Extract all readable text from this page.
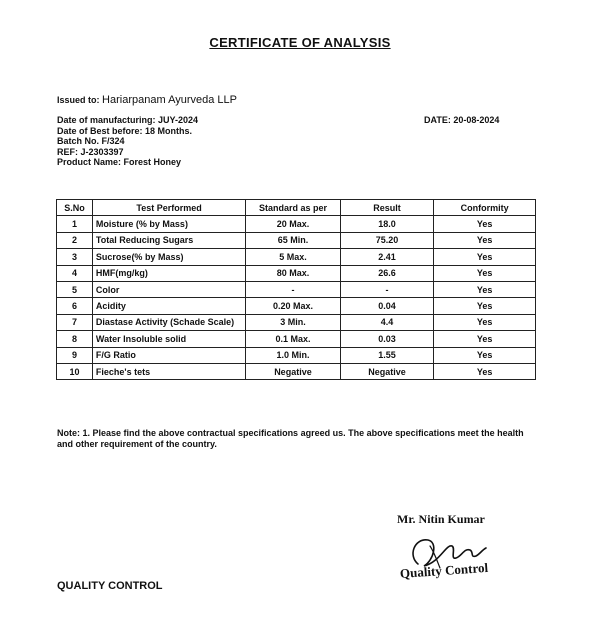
CERTIFICATE OF ANALYSIS
Issued to: Hariarpanam Ayurveda LLP
Date of manufacturing: JUY-2024
Date of Best before: 18 Months.
Batch No. F/324
REF: J-2303397
Product Name: Forest Honey
DATE: 20-08-2024
S.No	Test Performed	Standard as per	Result	Conformity
1	Moisture (% by Mass)	20 Max.	18.0	Yes
2	Total Reducing Sugars	65 Min.	75.20	Yes
3	Sucrose(% by Mass)	5 Max.	2.41	Yes
4	HMF(mg/kg)	80 Max.	26.6	Yes
5	Color	-	-	Yes
6	Acidity	0.20 Max.	0.04	Yes
7	Diastase Activity (Schade Scale)	3 Min.	4.4	Yes
8	Water Insoluble solid	0.1 Max.	0.03	Yes
9	F/G Ratio	1.0 Min.	1.55	Yes
10	Fieche's tets	Negative	Negative	Yes
Note: 1. Please find the above contractual specifications agreed us. The above specifications meet the health and other requirement of the country.
Mr. Nitin Kumar
Quality Control
QUALITY CONTROL
